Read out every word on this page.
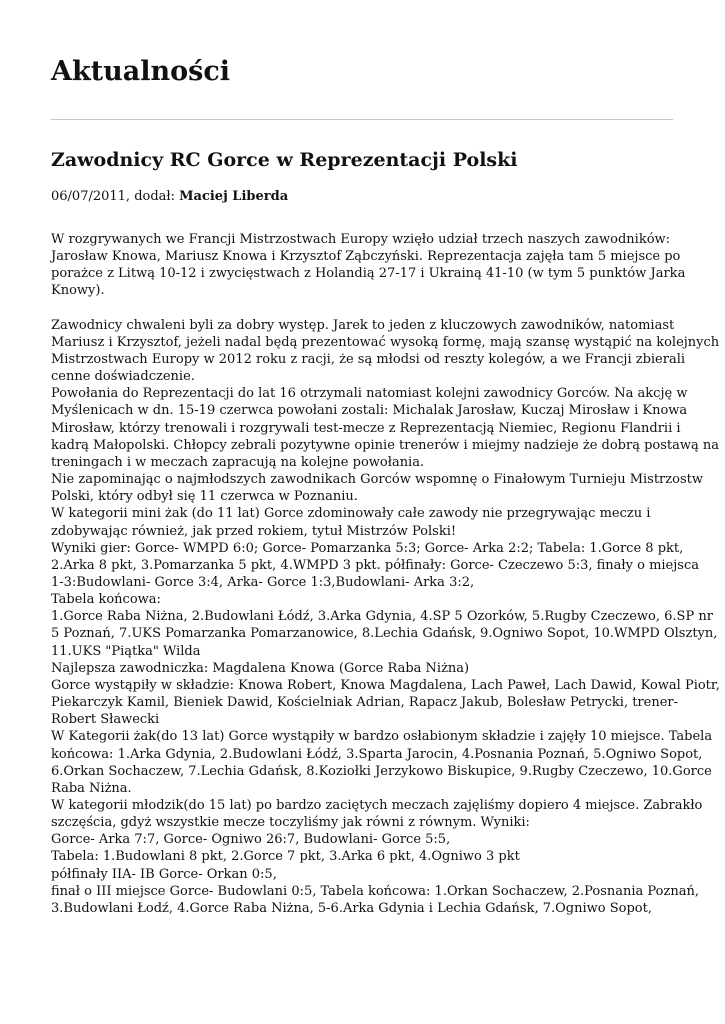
Aktualności
Zawodnicy RC Gorce w Reprezentacji Polski
06/07/2011, dodał: Maciej Liberda

W rozgrywanych we Francji Mistrzostwach Europy wzięło udział trzech naszych zawodników:
Jarosław Knowa, Mariusz Knowa i Krzysztof Ząbczyński. Reprezentacja zajęła tam 5 miejsce po
porażce z Litwą 10-12 i zwycięstwach z Holandią 27-17 i Ukrainą 41-10 (w tym 5 punktów Jarka
Knowy).

Zawodnicy chwaleni byli za dobry występ. Jarek to jeden z kluczowych zawodników, natomiast
Mariusz i Krzysztof, jeżeli nadal będą prezentować wysoką formę, mają szansę wystąpić na kolejnych
Mistrzostwach Europy w 2012 roku z racji, że są młodsi od reszty kolegów, a we Francji zbierali
cenne doświadczenie.
Powołania do Reprezentacji do lat 16 otrzymali natomiast kolejni zawodnicy Gorców. Na akcję w
Myślenicach w dn. 15-19 czerwca powołani zostali: Michalak Jarosław, Kuczaj Mirosław i Knowa
Mirosław, którzy trenowali i rozgrywali test-mecze z Reprezentacją Niemiec, Regionu Flandrii i
kadrą Małopolski. Chłopcy zebrali pozytywne opinie trenerów i miejmy nadzieje że dobrą postawą na
treningach i w meczach zapracują na kolejne powołania.
Nie zapominając o najmłodszych zawodnikach Gorców wspomnę o Finałowym Turnieju Mistrzostw
Polski, który odbył się 11 czerwca w Poznaniu.
W kategorii mini żak (do 11 lat) Gorce zdominowały całe zawody nie przegrywając meczu i
zdobywając również, jak przed rokiem, tytuł Mistrzów Polski!
Wyniki gier: Gorce- WMPD 6:0; Gorce- Pomarzanka 5:3; Gorce- Arka 2:2; Tabela: 1.Gorce 8 pkt,
2.Arka 8 pkt, 3.Pomarzanka 5 pkt, 4.WMPD 3 pkt. półfinały: Gorce- Czeczewo 5:3, finały o miejsca
1-3:Budowlani- Gorce 3:4, Arka- Gorce 1:3,Budowlani- Arka 3:2,
Tabela końcowa:
1.Gorce Raba Niżna, 2.Budowlani Łódź, 3.Arka Gdynia, 4.SP 5 Ozorków, 5.Rugby Czeczewo, 6.SP nr
5 Poznań, 7.UKS Pomarzanka Pomarzanowice, 8.Lechia Gdańsk, 9.Ogniwo Sopot, 10.WMPD Olsztyn,
11.UKS "Piątka" Wilda
Najlepsza zawodniczka: Magdalena Knowa (Gorce Raba Niżna)
Gorce wystąpiły w składzie: Knowa Robert, Knowa Magdalena, Lach Paweł, Lach Dawid, Kowal Piotr,
Piekarczyk Kamil, Bieniek Dawid, Kościelniak Adrian, Rapacz Jakub, Bolesław Petrycki, trener-
Robert Sławecki
W Kategorii żak(do 13 lat) Gorce wystąpiły w bardzo osłabionym składzie i zajęły 10 miejsce. Tabela
końcowa: 1.Arka Gdynia, 2.Budowlani Łódź, 3.Sparta Jarocin, 4.Posnania Poznań, 5.Ogniwo Sopot,
6.Orkan Sochaczew, 7.Lechia Gdańsk, 8.Koziołki Jerzykowo Biskupice, 9.Rugby Czeczewo, 10.Gorce
Raba Niżna.
W kategorii młodzik(do 15 lat) po bardzo zaciętych meczach zajęliśmy dopiero 4 miejsce. Zabrakło
szczęścia, gdyż wszystkie mecze toczyliśmy jak równi z równym. Wyniki:
Gorce- Arka 7:7, Gorce- Ogniwo 26:7, Budowlani- Gorce 5:5,
Tabela: 1.Budowlani 8 pkt, 2.Gorce 7 pkt, 3.Arka 6 pkt, 4.Ogniwo 3 pkt
półfinały IIA- IB Gorce- Orkan 0:5,
finał o III miejsce Gorce- Budowlani 0:5, Tabela końcowa: 1.Orkan Sochaczew, 2.Posnania Poznań,
3.Budowlani Łodź, 4.Gorce Raba Niżna, 5-6.Arka Gdynia i Lechia Gdańsk, 7.Ogniwo Sopot,
